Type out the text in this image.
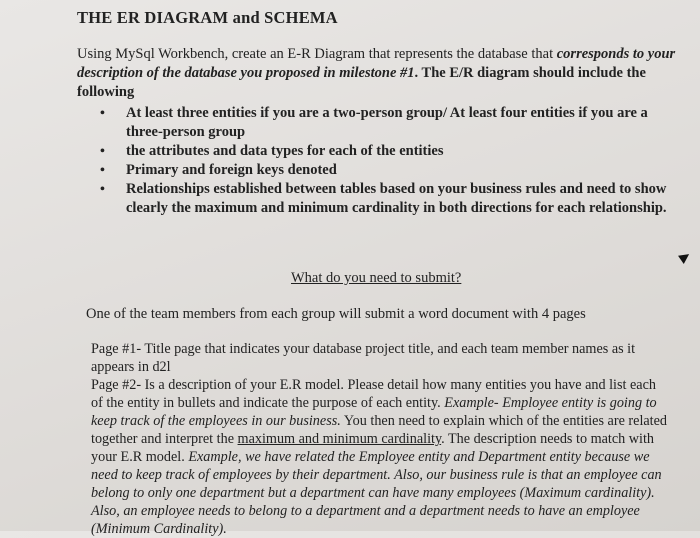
THE ER DIAGRAM and SCHEMA
Using MySql Workbench, create an E-R Diagram that represents the database that corresponds to your description of the database you proposed in milestone #1. The E/R diagram should include the following
• At least three entities if you are a two-person group/ At least four entities if you are a three-person group
• the attributes and data types for each of the entities
• Primary and foreign keys denoted
• Relationships established between tables based on your business rules and need to show clearly the maximum and minimum cardinality in both directions for each relationship.
What do you need to submit?
One of the team members from each group will submit a word document with 4 pages

Page #1- Title page that indicates your database project title, and each team member names as it appears in d2l

Page #2- Is a description of your E.R model. Please detail how many entities you have and list each of the entity in bullets and indicate the purpose of each entity. Example- Employee entity is going to keep track of the employees in our business. You then need to explain which of the entities are related together and interpret the maximum and minimum cardinality. The description needs to match with your E.R model. Example, we have related the Employee entity and Department entity because we need to keep track of employees by their department. Also, our business rule is that an employee can belong to only one department but a department can have many employees (Maximum cardinality). Also, an employee needs to belong to a department and a department needs to have an employee (Minimum Cardinality).
